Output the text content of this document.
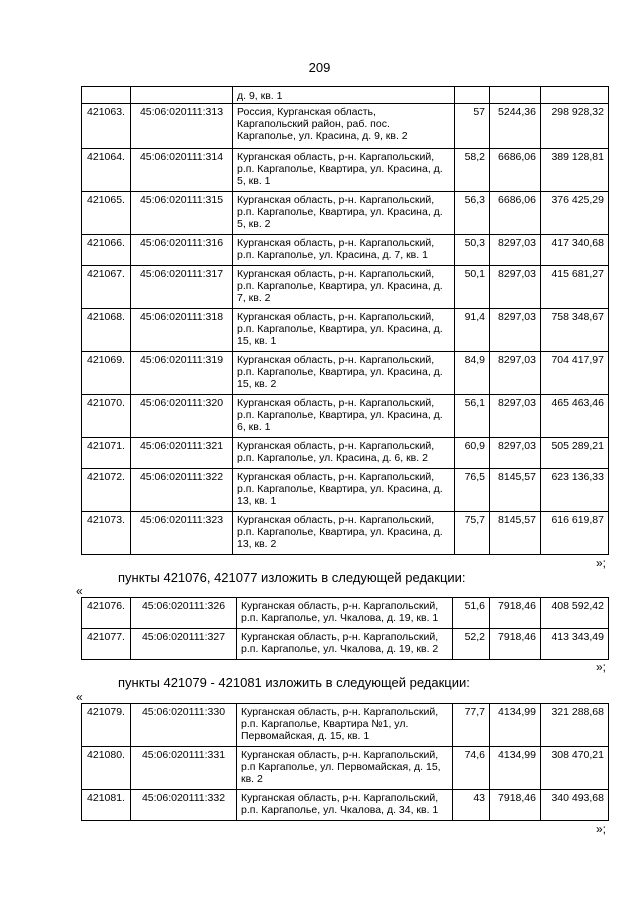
209
		д. 9, кв. 1			
421063.	45:06:020111:313	Россия, Курганская область, Каргапольский район, раб. пос. Каргаполье, ул. Красина, д. 9, кв. 2	57	5244,36	298 928,32
421064.	45:06:020111:314	Курганская область, р-н. Каргапольский, р.п. Каргаполье, Квартира, ул. Красина, д. 5, кв. 1	58,2	6686,06	389 128,81
421065.	45:06:020111:315	Курганская область, р-н. Каргапольский, р.п. Каргаполье, Квартира, ул. Красина, д. 5, кв. 2	56,3	6686,06	376 425,29
421066.	45:06:020111:316	Курганская область, р-н. Каргапольский, р.п. Каргаполье, ул. Красина, д. 7, кв. 1	50,3	8297,03	417 340,68
421067.	45:06:020111:317	Курганская область, р-н. Каргапольский, р.п. Каргаполье, Квартира, ул. Красина, д. 7, кв. 2	50,1	8297,03	415 681,27
421068.	45:06:020111:318	Курганская область, р-н. Каргапольский, р.п. Каргаполье, Квартира, ул. Красина, д. 15, кв. 1	91,4	8297,03	758 348,67
421069.	45:06:020111:319	Курганская область, р-н. Каргапольский, р.п. Каргаполье, Квартира, ул. Красина, д. 15, кв. 2	84,9	8297,03	704 417,97
421070.	45:06:020111:320	Курганская область, р-н. Каргапольский, р.п. Каргаполье, Квартира, ул. Красина, д. 6, кв. 1	56,1	8297,03	465 463,46
421071.	45:06:020111:321	Курганская область, р-н. Каргапольский, р.п. Каргаполье, ул. Красина, д. 6, кв. 2	60,9	8297,03	505 289,21
421072.	45:06:020111:322	Курганская область, р-н. Каргапольский, р.п. Каргаполье, Квартира, ул. Красина, д. 13, кв. 1	76,5	8145,57	623 136,33
421073.	45:06:020111:323	Курганская область, р-н. Каргапольский, р.п. Каргаполье, Квартира, ул. Красина, д. 13, кв. 2	75,7	8145,57	616 619,87
»;
пункты 421076, 421077 изложить в следующей редакции:
«
421076.	45:06:020111:326	Курганская область, р-н. Каргапольский, р.п. Каргаполье, ул. Чкалова, д. 19, кв. 1	51,6	7918,46	408 592,42
421077.	45:06:020111:327	Курганская область, р-н. Каргапольский, р.п. Каргаполье, ул. Чкалова, д. 19, кв. 2	52,2	7918,46	413 343,49
»;
пункты 421079 - 421081 изложить в следующей редакции:
«
421079.	45:06:020111:330	Курганская область, р-н. Каргапольский, р.п. Каргаполье, Квартира №1, ул. Первомайская, д. 15, кв. 1	77,7	4134,99	321 288,68
421080.	45:06:020111:331	Курганская область, р-н. Каргапольский, р.п Каргаполье, ул. Первомайская, д. 15, кв. 2	74,6	4134,99	308 470,21
421081.	45:06:020111:332	Курганская область, р-н. Каргапольский, р.п. Каргаполье, ул. Чкалова, д. 34, кв. 1	43	7918,46	340 493,68
»;
